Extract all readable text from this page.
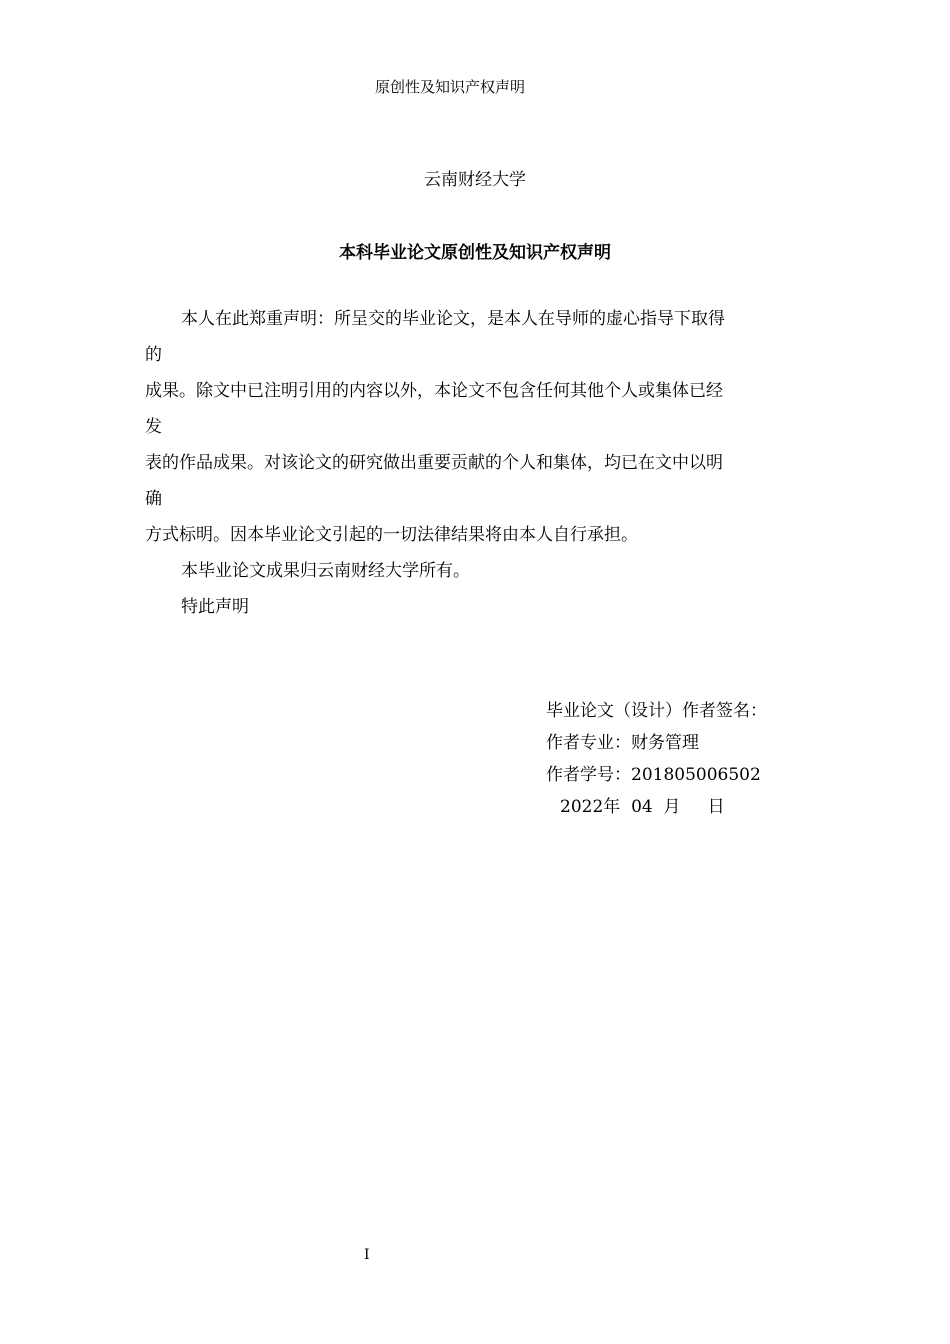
原创性及知识产权声明
云南财经大学
本科毕业论文原创性及知识产权声明
本人在此郑重声明：所呈交的毕业论文，是本人在导师的虚心指导下取得
的
成果。除文中已注明引用的内容以外，本论文不包含任何其他个人或集体已经
发
表的作品成果。对该论文的研究做出重要贡献的个人和集体，均已在文中以明
确
方式标明。因本毕业论文引起的一切法律结果将由本人自行承担。
本毕业论文成果归云南财经大学所有。
特此声明
毕业论文（设计）作者签名：
作者专业：财务管理
作者学号：201805006502
2022年 04 月 日
I
